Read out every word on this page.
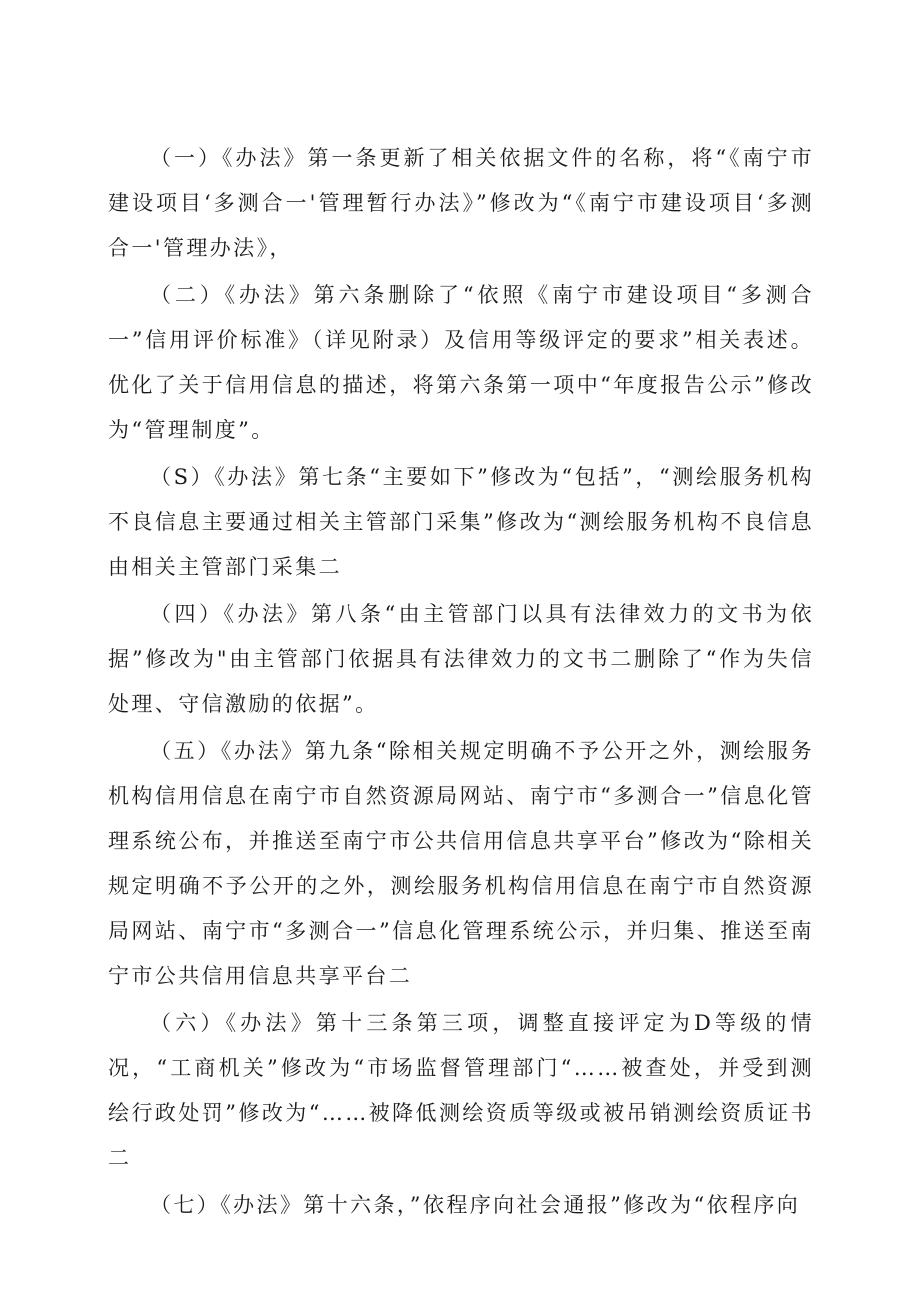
（一）《办法》第一条更新了相关依据文件的名称，将“《南宁市建设项目‘多测合一'管理暂行办法》”修改为“《南宁市建设项目‘多测合一'管理办法》，

（二）《办法》第六条删除了“依照《南宁市建设项目“多测合一”信用评价标准》（详见附录）及信用等级评定的要求”相关表述。优化了关于信用信息的描述，将第六条第一项中“年度报告公示”修改为“管理制度”。

（S）《办法》第七条“主要如下”修改为“包括”，“测绘服务机构不良信息主要通过相关主管部门采集”修改为“测绘服务机构不良信息由相关主管部门采集二

（四）《办法》第八条“由主管部门以具有法律效力的文书为依据”修改为"由主管部门依据具有法律效力的文书二删除了“作为失信处理、守信激励的依据”。

（五）《办法》第九条“除相关规定明确不予公开之外，测绘服务机构信用信息在南宁市自然资源局网站、南宁市“多测合一”信息化管理系统公布，并推送至南宁市公共信用信息共享平台”修改为“除相关规定明确不予公开的之外，测绘服务机构信用信息在南宁市自然资源局网站、南宁市“多测合一”信息化管理系统公示，并归集、推送至南宁市公共信用信息共享平台二

（六）《办法》第十三条第三项，调整直接评定为D等级的情况，“工商机关”修改为“市场监督管理部门“……被查处，并受到测绘行政处罚”修改为“……被降低测绘资质等级或被吊销测绘资质证书二

（七）《办法》第十六条，”依程序向社会通报”修改为“依程序向
